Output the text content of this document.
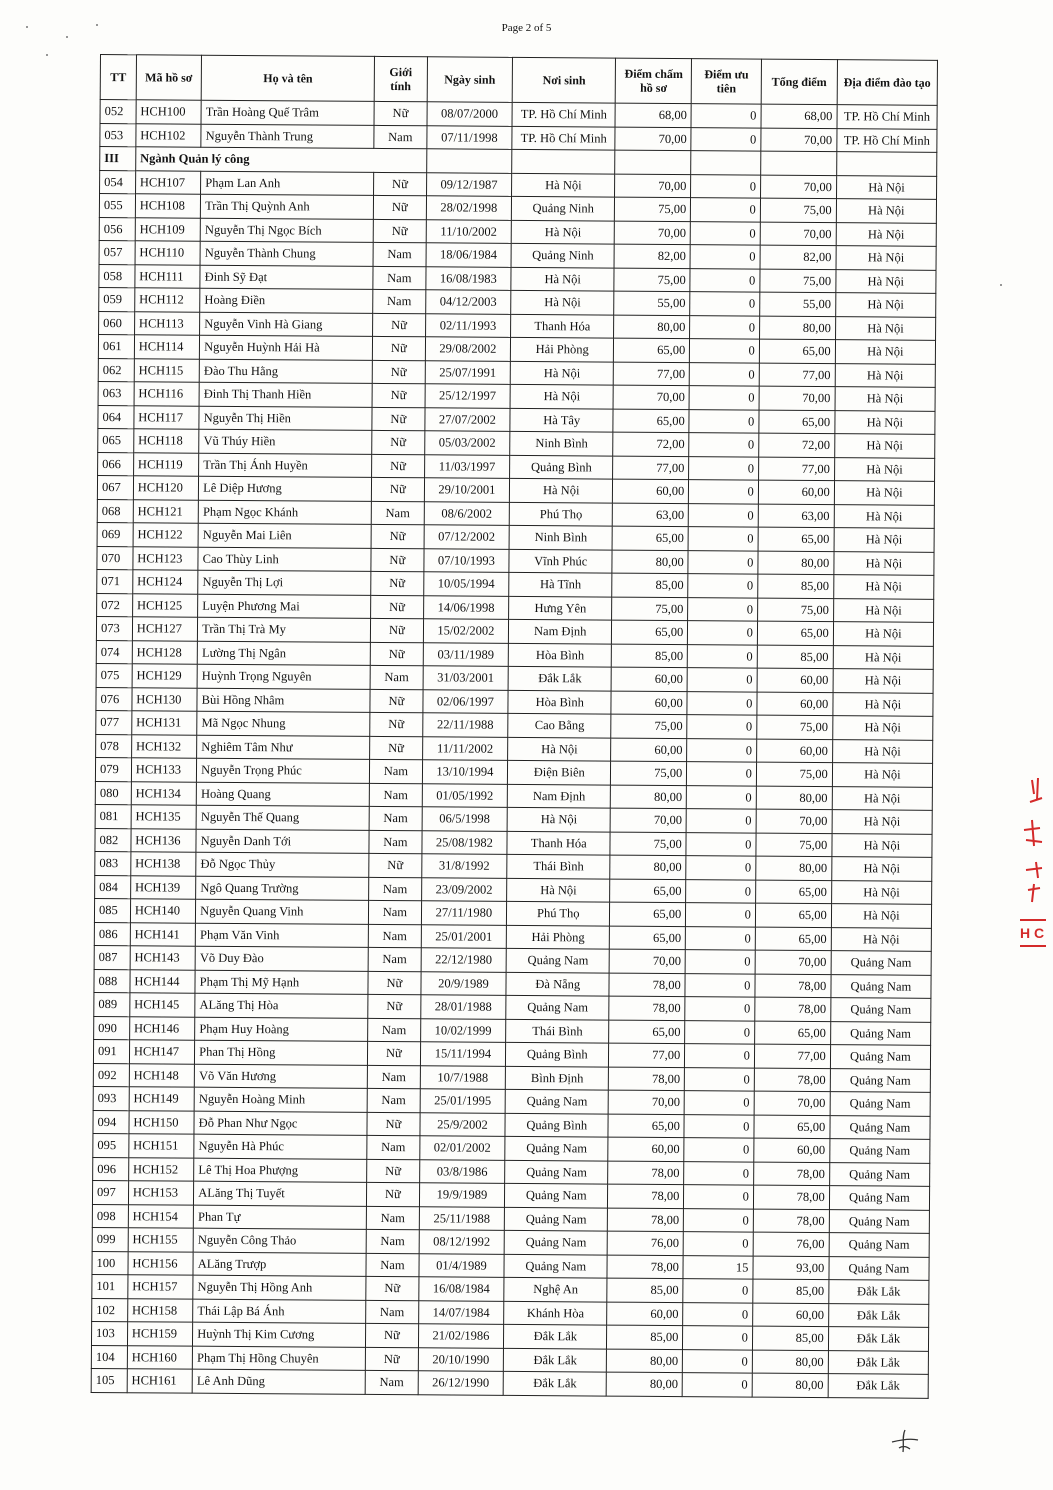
Page 2 of 5
TT	Mã hồ sơ	Họ và tên	Giới tính	Ngày sinh	Nơi sinh	Điểm chấm hồ sơ	Điểm ưu tiên	Tổng điểm	Địa điểm đào tạo
052	HCH100	Trần Hoàng Quế Trâm	Nữ	08/07/2000	TP. Hồ Chí Minh	68,00	0	68,00	TP. Hồ Chí Minh
053	HCH102	Nguyễn Thành Trung	Nam	07/11/1998	TP. Hồ Chí Minh	70,00	0	70,00	TP. Hồ Chí Minh
III	Ngành Quản lý công								
054	HCH107	Phạm Lan Anh	Nữ	09/12/1987	Hà Nội	70,00	0	70,00	Hà Nội
055	HCH108	Trần Thị Quỳnh Anh	Nữ	28/02/1998	Quảng Ninh	75,00	0	75,00	Hà Nội
056	HCH109	Nguyễn Thị Ngọc Bích	Nữ	11/10/2002	Hà Nội	70,00	0	70,00	Hà Nội
057	HCH110	Nguyễn Thành Chung	Nam	18/06/1984	Quảng Ninh	82,00	0	82,00	Hà Nội
058	HCH111	Đinh Sỹ Đạt	Nam	16/08/1983	Hà Nội	75,00	0	75,00	Hà Nội
059	HCH112	Hoàng Điền	Nam	04/12/2003	Hà Nội	55,00	0	55,00	Hà Nội
060	HCH113	Nguyễn Vinh Hà Giang	Nữ	02/11/1993	Thanh Hóa	80,00	0	80,00	Hà Nội
061	HCH114	Nguyễn Huỳnh Hải Hà	Nữ	29/08/2002	Hải Phòng	65,00	0	65,00	Hà Nội
062	HCH115	Đào Thu Hằng	Nữ	25/07/1991	Hà Nội	77,00	0	77,00	Hà Nội
063	HCH116	Đinh Thị Thanh Hiền	Nữ	25/12/1997	Hà Nội	70,00	0	70,00	Hà Nội
064	HCH117	Nguyễn Thị Hiền	Nữ	27/07/2002	Hà Tây	65,00	0	65,00	Hà Nội
065	HCH118	Vũ Thúy Hiền	Nữ	05/03/2002	Ninh Bình	72,00	0	72,00	Hà Nội
066	HCH119	Trần Thị Ánh Huyền	Nữ	11/03/1997	Quảng Bình	77,00	0	77,00	Hà Nội
067	HCH120	Lê Diệp Hương	Nữ	29/10/2001	Hà Nội	60,00	0	60,00	Hà Nội
068	HCH121	Phạm Ngọc Khánh	Nam	08/6/2002	Phú Thọ	63,00	0	63,00	Hà Nội
069	HCH122	Nguyễn Mai Liên	Nữ	07/12/2002	Ninh Bình	65,00	0	65,00	Hà Nội
070	HCH123	Cao Thùy Linh	Nữ	07/10/1993	Vĩnh Phúc	80,00	0	80,00	Hà Nội
071	HCH124	Nguyễn Thị Lợi	Nữ	10/05/1994	Hà Tĩnh	85,00	0	85,00	Hà Nội
072	HCH125	Luyện Phương Mai	Nữ	14/06/1998	Hưng Yên	75,00	0	75,00	Hà Nội
073	HCH127	Trần Thị Trà My	Nữ	15/02/2002	Nam Định	65,00	0	65,00	Hà Nội
074	HCH128	Lường Thị Ngân	Nữ	03/11/1989	Hòa Bình	85,00	0	85,00	Hà Nội
075	HCH129	Huỳnh Trọng Nguyên	Nam	31/03/2001	Đắk Lắk	60,00	0	60,00	Hà Nội
076	HCH130	Bùi Hồng Nhâm	Nữ	02/06/1997	Hòa Bình	60,00	0	60,00	Hà Nội
077	HCH131	Mã Ngọc Nhung	Nữ	22/11/1988	Cao Bằng	75,00	0	75,00	Hà Nội
078	HCH132	Nghiêm Tâm Như	Nữ	11/11/2002	Hà Nội	60,00	0	60,00	Hà Nội
079	HCH133	Nguyễn Trọng Phúc	Nam	13/10/1994	Điện Biên	75,00	0	75,00	Hà Nội
080	HCH134	Hoàng Quang	Nam	01/05/1992	Nam Định	80,00	0	80,00	Hà Nội
081	HCH135	Nguyễn Thế Quang	Nam	06/5/1998	Hà Nội	70,00	0	70,00	Hà Nội
082	HCH136	Nguyễn Danh Tới	Nam	25/08/1982	Thanh Hóa	75,00	0	75,00	Hà Nội
083	HCH138	Đỗ Ngọc Thủy	Nữ	31/8/1992	Thái Bình	80,00	0	80,00	Hà Nội
084	HCH139	Ngô Quang Trường	Nam	23/09/2002	Hà Nội	65,00	0	65,00	Hà Nội
085	HCH140	Nguyễn Quang Vinh	Nam	27/11/1980	Phú Thọ	65,00	0	65,00	Hà Nội
086	HCH141	Phạm Văn Vinh	Nam	25/01/2001	Hải Phòng	65,00	0	65,00	Hà Nội
087	HCH143	Võ Duy Đào	Nam	22/12/1980	Quảng Nam	70,00	0	70,00	Quảng Nam
088	HCH144	Phạm Thị Mỹ Hạnh	Nữ	20/9/1989	Đà Nẵng	78,00	0	78,00	Quảng Nam
089	HCH145	ALăng Thị Hòa	Nữ	28/01/1988	Quảng Nam	78,00	0	78,00	Quảng Nam
090	HCH146	Phạm Huy Hoàng	Nam	10/02/1999	Thái Bình	65,00	0	65,00	Quảng Nam
091	HCH147	Phan Thị Hồng	Nữ	15/11/1994	Quảng Bình	77,00	0	77,00	Quảng Nam
092	HCH148	Võ Văn Hương	Nam	10/7/1988	Bình Định	78,00	0	78,00	Quảng Nam
093	HCH149	Nguyễn Hoàng Minh	Nam	25/01/1995	Quảng Nam	70,00	0	70,00	Quảng Nam
094	HCH150	Đỗ Phan Như Ngọc	Nữ	25/9/2002	Quảng Bình	65,00	0	65,00	Quảng Nam
095	HCH151	Nguyễn Hà Phúc	Nam	02/01/2002	Quảng Nam	60,00	0	60,00	Quảng Nam
096	HCH152	Lê Thị Hoa Phượng	Nữ	03/8/1986	Quảng Nam	78,00	0	78,00	Quảng Nam
097	HCH153	ALăng Thị Tuyết	Nữ	19/9/1989	Quảng Nam	78,00	0	78,00	Quảng Nam
098	HCH154	Phan Tự	Nam	25/11/1988	Quảng Nam	78,00	0	78,00	Quảng Nam
099	HCH155	Nguyễn Công Thảo	Nam	08/12/1992	Quảng Nam	76,00	0	76,00	Quảng Nam
100	HCH156	ALăng Trượp	Nam	01/4/1989	Quảng Nam	78,00	15	93,00	Quảng Nam
101	HCH157	Nguyễn Thị Hồng Anh	Nữ	16/08/1984	Nghệ An	85,00	0	85,00	Đắk Lắk
102	HCH158	Thái Lập Bá Ánh	Nam	14/07/1984	Khánh Hòa	60,00	0	60,00	Đắk Lắk
103	HCH159	Huỳnh Thị Kim Cương	Nữ	21/02/1986	Đắk Lắk	85,00	0	85,00	Đắk Lắk
104	HCH160	Phạm Thị Hồng Chuyên	Nữ	20/10/1990	Đắk Lắk	80,00	0	80,00	Đắk Lắk
105	HCH161	Lê Anh Dũng	Nam	26/12/1990	Đắk Lắk	80,00	0	80,00	Đắk Lắk
H C
